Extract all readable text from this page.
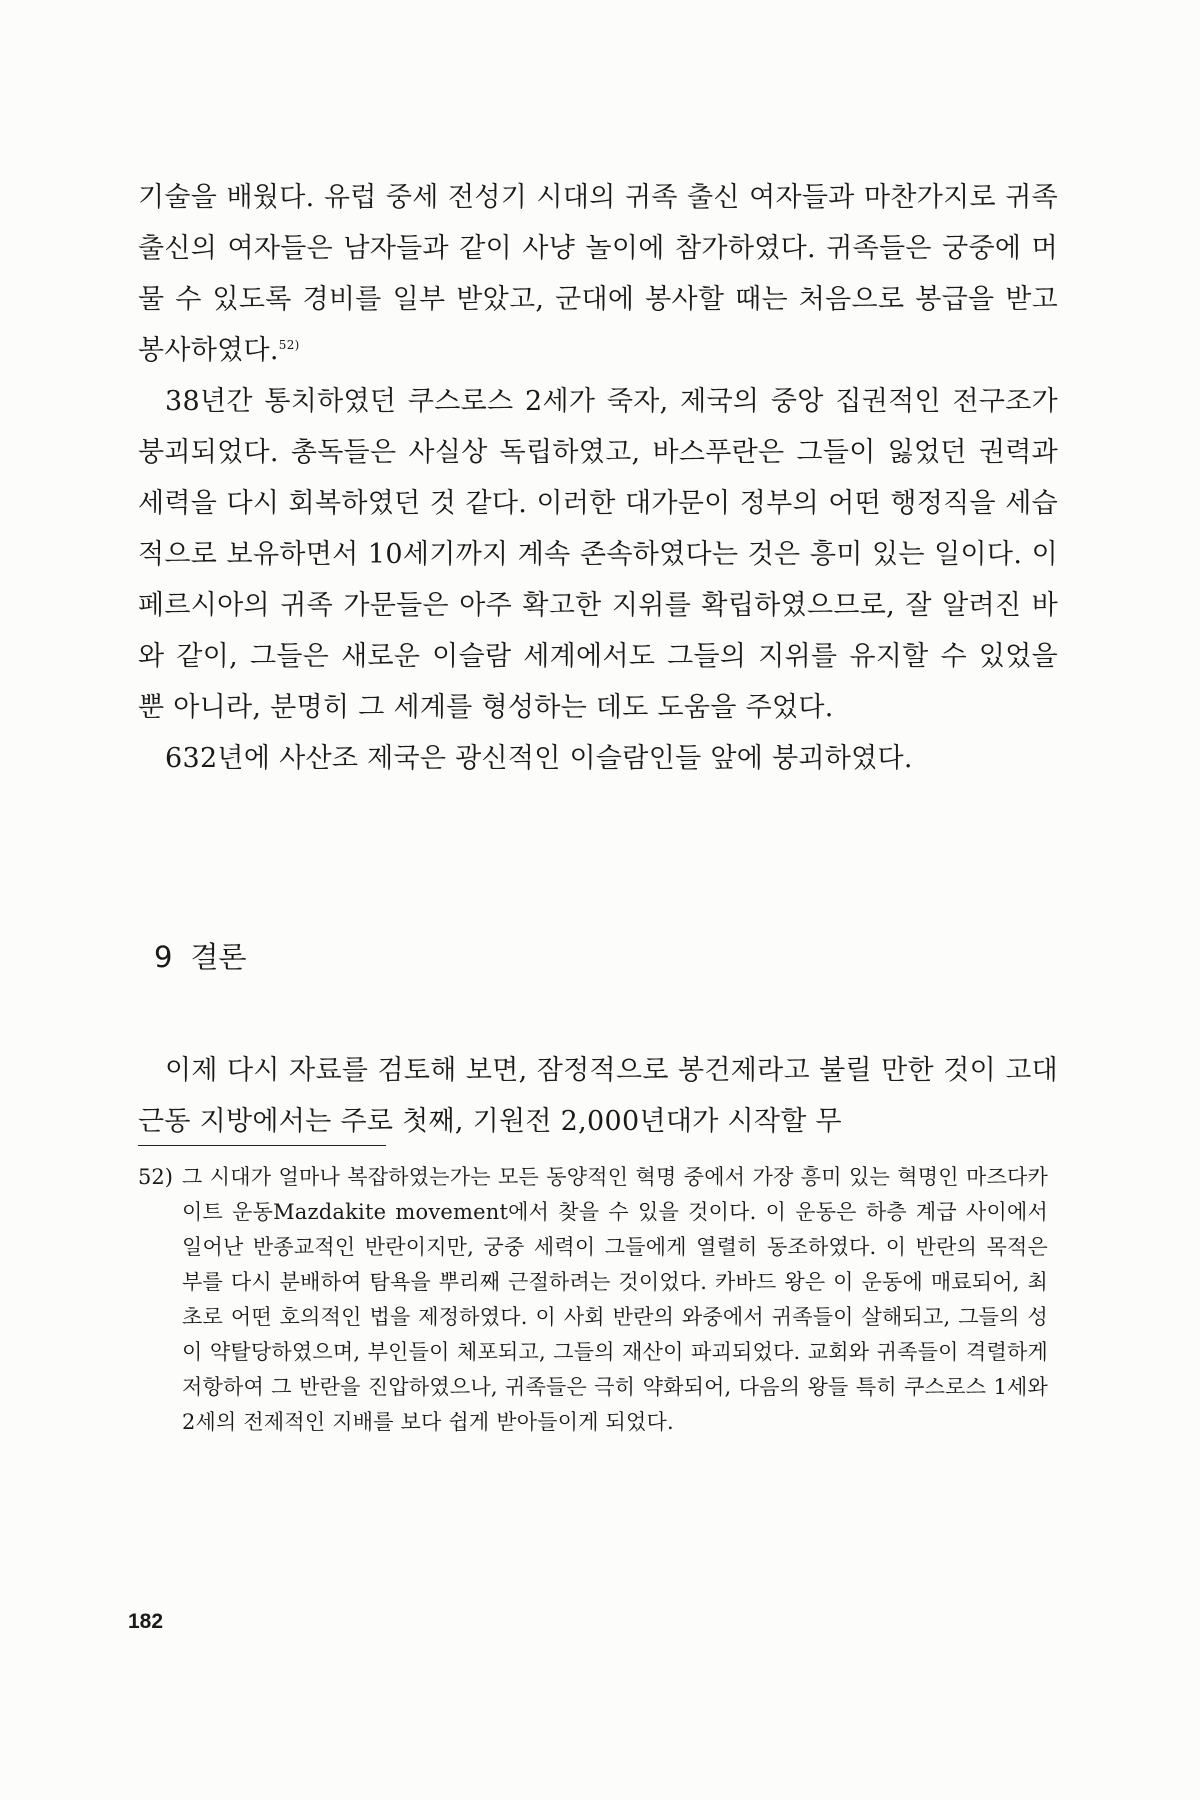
기술을 배웠다. 유럽 중세 전성기 시대의 귀족 출신 여자들과 마찬가지로 귀족 출신의 여자들은 남자들과 같이 사냥 놀이에 참가하였다. 귀족들은 궁중에 머물 수 있도록 경비를 일부 받았고, 군대에 봉사할 때는 처음으로 봉급을 받고 봉사하였다.$^{52)}$

38년간 통치하였던 쿠스로스 2세가 죽자, 제국의 중앙 집권적인 전구조가 붕괴되었다. 총독들은 사실상 독립하였고, 바스푸란은 그들이 잃었던 권력과 세력을 다시 회복하였던 것 같다. 이러한 대가문이 정부의 어떤 행정직을 세습적으로 보유하면서 10세기까지 계속 존속하였다는 것은 흥미 있는 일이다. 이 페르시아의 귀족 가문들은 아주 확고한 지위를 확립하였으므로, 잘 알려진 바와 같이, 그들은 새로운 이슬람 세계에서도 그들의 지위를 유지할 수 있었을 뿐 아니라, 분명히 그 세계를 형성하는 데도 도움을 주었다.

632년에 사산조 제국은 광신적인 이슬람인들 앞에 붕괴하였다.

9 결론

이제 다시 자료를 검토해 보면, 잠정적으로 봉건제라고 불릴 만한 것이 고대 근동 지방에서는 주로 첫째, 기원전 2,000년대가 시작할 무

52) 그 시대가 얼마나 복잡하였는가는 모든 동양적인 혁명 중에서 가장 흥미 있는 혁명인 마즈다카이트 운동Mazdakite movement에서 찾을 수 있을 것이다. 이 운동은 하층 계급 사이에서 일어난 반종교적인 반란이지만, 궁중 세력이 그들에게 열렬히 동조하였다. 이 반란의 목적은 부를 다시 분배하여 탐욕을 뿌리째 근절하려는 것이었다. 카바드 왕은 이 운동에 매료되어, 최초로 어떤 호의적인 법을 제정하였다. 이 사회 반란의 와중에서 귀족들이 살해되고, 그들의 성이 약탈당하였으며, 부인들이 체포되고, 그들의 재산이 파괴되었다. 교회와 귀족들이 격렬하게 저항하여 그 반란을 진압하였으나, 귀족들은 극히 약화되어, 다음의 왕들 특히 쿠스로스 1세와 2세의 전제적인 지배를 보다 쉽게 받아들이게 되었다.
182
